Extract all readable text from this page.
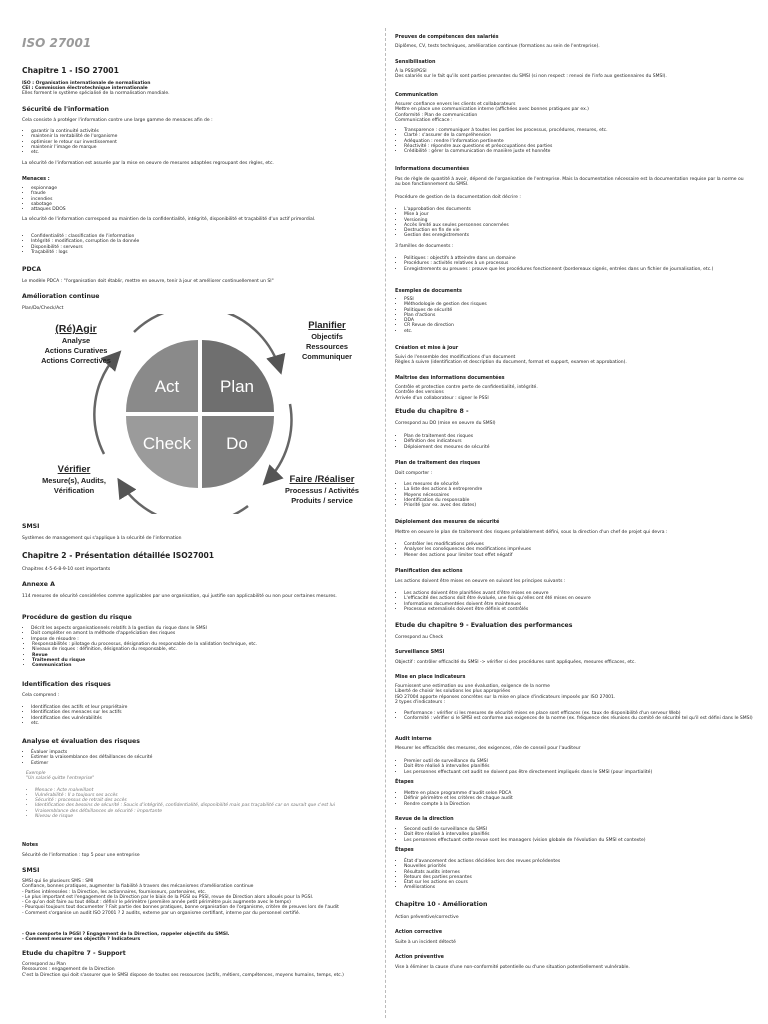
ISO 27001
Chapitre 1 - ISO 27001
ISO : Organisation internationale de normalisation
CEI : Commission électrotechnique internationale
Elles forment le système spécialisé de la normalisation mondiale.
Sécurité de l'information
Cela consiste à protéger l'information contre une large gamme de menaces afin de :
• garantir la continuité activités
• maintenir la rentabilité de l'organisme
• optimiser le retour sur investissement
• maintenir l'image de marque
• etc.
La sécurité de l'information est assurée par la mise en oeuvre de mesures adaptées regroupant des règles, etc.
Menaces :
• espionnage
• fraude
• incendies
• sabotage
• attaques DDOS
La sécurité de l'information correspond au maintien de la confidentialité, intégrité, disponibilité et traçabilité d'un actif primordial.
• Confidentialité : classification de l'information
• Intégrité : modification, corruption de la donnée
• Disponibilité : serveurs
• Traçabilité : logs
PDCA
Le modèle PDCA : "l'organisation doit établir, mettre en oeuvre, tenir à jour et améliorer continuellement un SI"
Amélioration continue
Plan/Do/Check/Act
Act Plan
Check Do
(Ré)Agir
Analyse
Actions Curatives
Actions Correctives
Planifier
Objectifs
Ressources
Communiquer
Vérifier
Mesure(s), Audits,
Vérification
Faire /Réaliser
Processus / Activités
Produits / service
SMSI
Systèmes de management qui s'applique à la sécurité de l'information
Chapitre 2 - Présentation détaillée ISO27001
Chapitres 4-5-6-8-9-10 sont importants
Annexe A
114 mesures de sécurité considérées comme applicables par une organisation, qui justifie son applicabilité ou non pour certaines mesures.
Procédure de gestion du risque
• Décrit les aspects organisationnels relatifs à la gestion du risque dans le SMSI
• Doit compléter en amont la méthode d'appréciation des risques
• Impose de résoudre :
• Responsabilités : pilotage du processus, désignation du responsable de la validation technique, etc.
• Niveaux de risques : définition, désignation du responsable, etc.
• Revue
• Traitement du risque
• Communication
Identification des risques
Cela comprend :
• Identification des actifs et leur propriétaire
• Identification des menaces sur les actifs
• Identification des vulnérabilités
• etc.
Analyse et évaluation des risques
• Évaluer impacts
• Estimer la vraisemblance des défaillances de sécurité
• Estimer
Exemple
"Un salarié quitte l'entreprise"
• Menace : Acte malveillant
• Vulnérabilité : Il a toujours ses accès
• Sécurité : processus de retrait des accès
• Identification des besoins de sécurité : Soucis d'intégrité, confidentialité, disponibilité mais pas traçabilité car on saurait que c'est lui
• Vraisemblance des défaillances de sécurité : importante
• Niveau de risque
Notes
Sécurité de l'information : top 5 pour une entreprise
SMSI
SMSI qui lie plusieurs SMS : SMI
Confiance, bonnes pratiques, augmenter la fiabilité à travers des mécanismes d'amélioration continue
- Parties intéressées : la Direction, les actionnaires, fournisseurs, partenaires, etc.
- Le plus important est l'engagement de la Direction par le biais de la PGSI ou PSSI, revue de Direction alors alloués pour la PGSI.
- Ce qu'on doit faire au tout début : définir le périmètre (première année petit périmètre puis augmente avec le temps)
- Pourquoi toujours tout documenter ? Fait partie des bonnes pratiques, bonne organisation de l'organisme, critère de preuves lors de l'audit
- Comment s'organise un audit ISO 27001 ? 2 audits, externe par un organisme certifiant, interne par du personnel certifié.
- Que comporte la PGSI ? Engagement de la Direction, rappeler objectifs du SMSI.
- Comment mesurer ses objectifs ? Indicateurs
Etude du chapitre 7 - Support
Correspond au Plan
Ressources : engagement de la Direction
C'est la Direction qui doit s'assurer que le SMSI dispose de toutes ses ressources (actifs, métiers, compétences, moyens humains, temps, etc.)
Preuves de compétences des salariés
Diplômes, CV, tests techniques, amélioration continue (formations au sein de l'entreprise).
Sensibilisation
À la PSSI/PGSI
Des salariés sur le fait qu'ils sont parties prenantes du SMSI (si non respect : renvoi de l'info aux gestionnaires du SMSI).
Communication
Assurer confiance envers les clients et collaborateurs
Mettre en place une communication interne (affichées avec bonnes pratiques par ex.)
Conformité : Plan de communication
Communication efficace :
• Transparence : communiquer à toutes les parties les processus, procédures, mesures, etc.
• Clarté : s'assurer de la compréhension
• Adéquation : rendre l'information pertinente
• Réactivité : répondre aux questions et préoccupations des parties
• Crédibilité : gérer la communication de manière juste et honnête
Informations documentées
Pas de règle de quantité à avoir, dépend de l'organisation de l'entreprise. Mais la documentation nécessaire est la documentation requise par la norme ou au bon fonctionnement du SMSI.
Procédure de gestion de la documentation doit décrire :
• L'approbation des documents
• Mise à jour
• Versioning
• Accès limité aux seules personnes concernées
• Destruction en fin de vie
• Gestion des enregistrements
3 familles de documents :
• Politiques : objectifs à atteindre dans un domaine
• Procédures : activités relatives à un processus
• Enregistrements ou preuves : prouve que les procédures fonctionnent (bordereaux signés, entrées dans un fichier de journalisation, etc.)
Exemples de documents
• PSSI
• Méthodologie de gestion des risques
• Politiques de sécurité
• Plan d'actions
• DDA
• CR Revue de direction
• etc.
Création et mise à jour
Suivi de l'ensemble des modifications d'un document
Règles à suivre (identification et description du document, format et support, examen et approbation).
Maîtrise des informations documentées
Contrôle et protection contre perte de confidentialité, intégrité.
Contrôle des versions
Arrivée d'un collaborateur : signer le PSSI
Etude du chapitre 8 -
Correspond au DO (mise en oeuvre du SMSI)
• Plan de traitement des risques
• Définition des indicateurs
• Déploiement des mesures de sécurité
Plan de traitement des risques
Doit comporter :
• Les mesures de sécurité
• La liste des actions à entreprendre
• Moyens nécessaires
• Identification du responsable
• Priorité (par ex. avec des dates)
Déploiement des mesures de sécurité
Mettre en oeuvre le plan de traitement des risques préalablement défini, sous la direction d'un chef de projet qui devra :
• Contrôler les modifications prévues
• Analyser les conséquences des modifications imprévues
• Mener des actions pour limiter tout effet négatif
Planification des actions
Les actions doivent être mises en oeuvre en suivant les principes suivants :
• Les actions doivent être planifiées avant d'être mises en oeuvre
• L'efficacité des actions doit être évaluée, une fois qu'elles ont été mises en oeuvre
• Informations documentées doivent être maintenues
• Processus externalisés doivent être définis et contrôlés
Etude du chapitre 9 - Evaluation des performances
Correspond au Check
Surveillance SMSI
Objectif : contrôler efficacité du SMSI -> vérifier si des procédures sont appliquées, mesures efficaces, etc.
Mise en place indicateurs
Fournissent une estimation ou une évaluation, exigence de la norme
Liberté de choisir les solutions les plus appropriées
ISO 27004 apporte réponses concrètes sur la mise en place d'indicateurs imposés par ISO 27001.
2 types d'indicateurs :
• Performance : vérifier si les mesures de sécurité mises en place sont efficaces (ex. taux de disponibilité d'un serveur Web)
• Conformité : vérifier si le SMSI est conforme aux exigences de la norme (ex. fréquence des réunions du comité de sécurité tel qu'il est défini dans le SMSI)
Audit interne
Mesurer les efficacités des mesures, des exigences, rôle de conseil pour l'auditeur
• Premier outil de surveillance du SMSI
• Doit être réalisé à intervalles planifiés
• Les personnes effectuant cet audit ne doivent pas être directement impliqués dans le SMSI (pour impartialité)
Étapes
• Mettre en place programme d'audit selon PDCA
• Définir périmètre et les critères de chaque audit
• Rendre compte à la Direction
Revue de la direction
• Second outil de surveillance du SMSI
• Doit être réalisé à intervalles planifiés
• Les personnes effectuant cette revue sont les managers (vision globale de l'évolution du SMSI et contexte)
Étapes
• État d'avancement des actions décidées lors des revues précédentes
• Nouvelles priorités
• Résultats audits internes
• Retours des parties prenantes
• État sur les actions en cours
• Améliorations
Chapitre 10 - Amélioration
Action préventive/corrective
Action corrective
Suite à un incident détecté
Action préventive
Vise à éliminer la cause d'une non-conformité potentielle ou d'une situation potentiellement vulnérable.
